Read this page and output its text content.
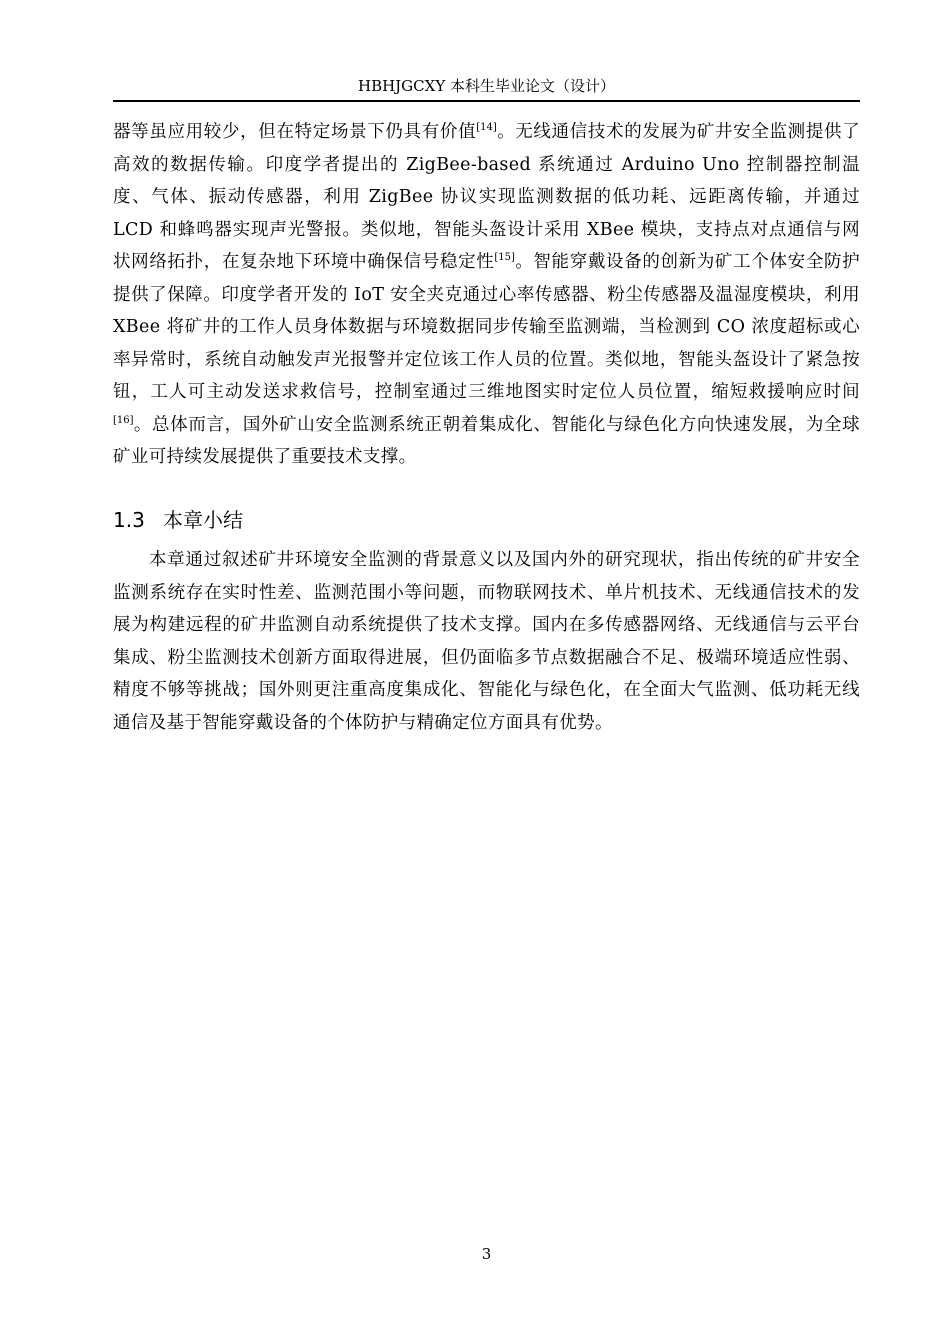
HBHJGCXY 本科生毕业论文（设计）
器等虽应用较少，但在特定场景下仍具有价值[14]。无线通信技术的发展为矿井安全监测提供了高效的数据传输。印度学者提出的 ZigBee-based 系统通过 Arduino Uno 控制器控制温度、气体、振动传感器，利用 ZigBee 协议实现监测数据的低功耗、远距离传输，并通过 LCD 和蜂鸣器实现声光警报。类似地，智能头盔设计采用 XBee 模块，支持点对点通信与网状网络拓扑，在复杂地下环境中确保信号稳定性[15]。智能穿戴设备的创新为矿工个体安全防护提供了保障。印度学者开发的 IoT 安全夹克通过心率传感器、粉尘传感器及温湿度模块，利用 XBee 将矿井的工作人员身体数据与环境数据同步传输至监测端，当检测到 CO 浓度超标或心率异常时，系统自动触发声光报警并定位该工作人员的位置。类似地，智能头盔设计了紧急按钮，工人可主动发送求救信号，控制室通过三维地图实时定位人员位置，缩短救援响应时间[16]。总体而言，国外矿山安全监测系统正朝着集成化、智能化与绿色化方向快速发展，为全球矿业可持续发展提供了重要技术支撑。
1.3 本章小结
本章通过叙述矿井环境安全监测的背景意义以及国内外的研究现状，指出传统的矿井安全监测系统存在实时性差、监测范围小等问题，而物联网技术、单片机技术、无线通信技术的发展为构建远程的矿井监测自动系统提供了技术支撑。国内在多传感器网络、无线通信与云平台集成、粉尘监测技术创新方面取得进展，但仍面临多节点数据融合不足、极端环境适应性弱、精度不够等挑战；国外则更注重高度集成化、智能化与绿色化，在全面大气监测、低功耗无线通信及基于智能穿戴设备的个体防护与精确定位方面具有优势。
3
